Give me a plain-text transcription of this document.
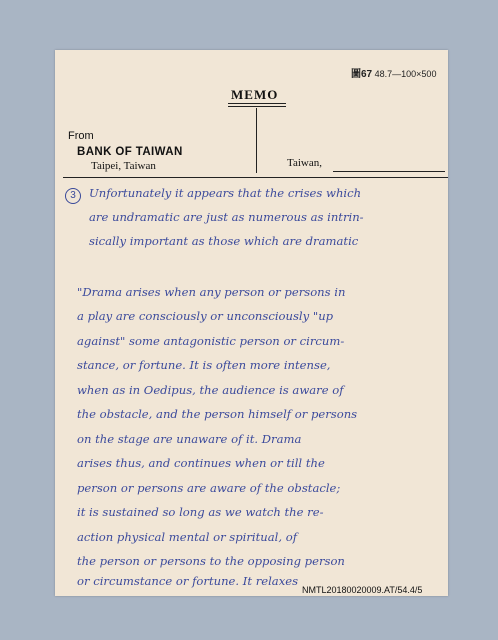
圖67 48.7—100×500
MEMO
From
BANK OF TAIWAN
Taipei, Taiwan	Taiwan,
3	Unfortunately it appears that the crises which
are undramatic are just as numerous as intrin-
sically important as those which are dramatic
"Drama arises when any person or persons in
a play are consciously or unconsciously "up
against" some antagonistic person or circum-
stance, or fortune. It is often more intense,
when as in Oedipus, the audience is aware of
the obstacle, and the person himself or persons
on the stage are unaware of it. Drama
arises thus, and continues when or till the
person or persons are aware of the obstacle;
it is sustained so long as we watch the re-
action physical mental or spiritual, of
the person or persons to the opposing person
or circumstance or fortune. It relaxes
NMTL20180020009.AT/54.4/5
